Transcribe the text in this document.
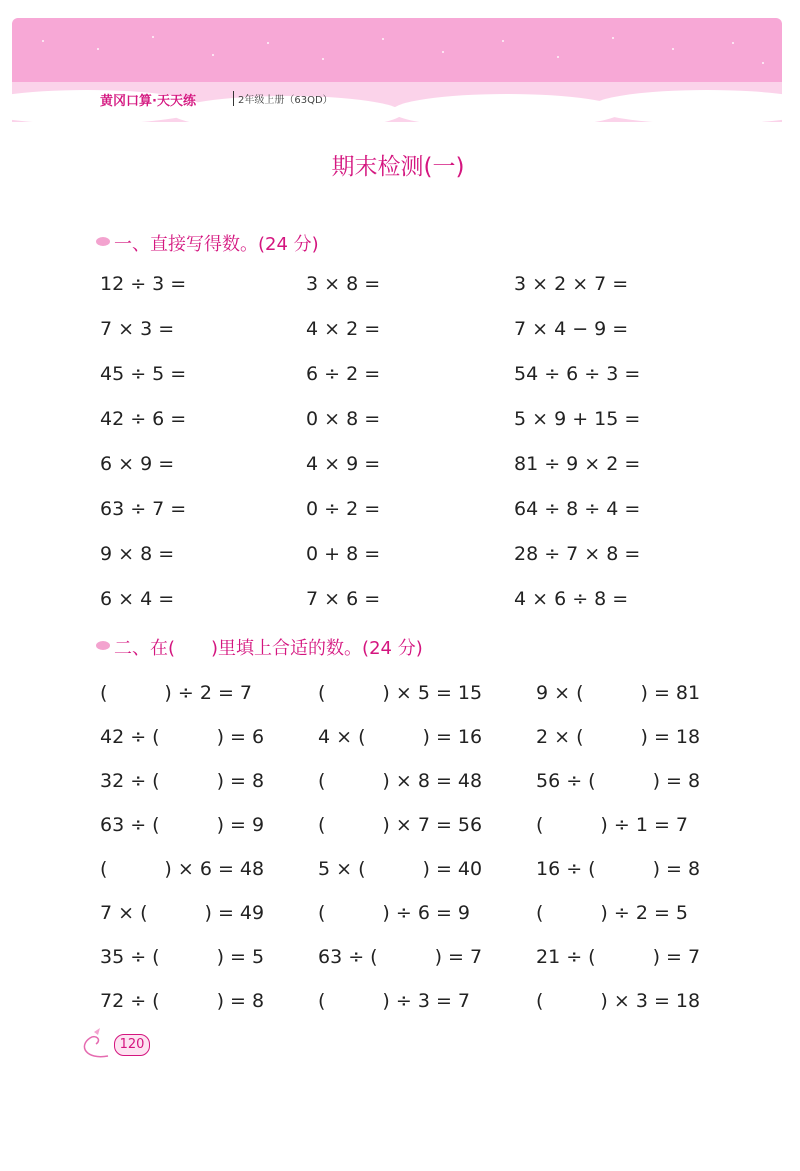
黄冈口算·天天练	2年级上册（63QD）
期末检测(一)
一、直接写得数。(24 分)
12 ÷ 3 =	3 × 8 =	3 × 2 × 7 =
7 × 3 =	4 × 2 =	7 × 4 − 9 =
45 ÷ 5 =	6 ÷ 2 =	54 ÷ 6 ÷ 3 =
42 ÷ 6 =	0 × 8 =	5 × 9 + 15 =
6 × 9 =	4 × 9 =	81 ÷ 9 × 2 =
63 ÷ 7 =	0 ÷ 2 =	64 ÷ 8 ÷ 4 =
9 × 8 =	0 + 8 =	28 ÷ 7 × 8 =
6 × 4 =	7 × 6 =	4 × 6 ÷ 8 =
二、在(　　)里填上合适的数。(24 分)
(　　　) ÷ 2 = 7	(　　　) × 5 = 15	9 × (　　　) = 81
42 ÷ (　　　) = 6	4 × (　　　) = 16	2 × (　　　) = 18
32 ÷ (　　　) = 8	(　　　) × 8 = 48	56 ÷ (　　　) = 8
63 ÷ (　　　) = 9	(　　　) × 7 = 56	(　　　) ÷ 1 = 7
(　　　) × 6 = 48	5 × (　　　) = 40	16 ÷ (　　　) = 8
7 × (　　　) = 49	(　　　) ÷ 6 = 9	(　　　) ÷ 2 = 5
35 ÷ (　　　) = 5	63 ÷ (　　　) = 7	21 ÷ (　　　) = 7
72 ÷ (　　　) = 8	(　　　) ÷ 3 = 7	(　　　) × 3 = 18
120
